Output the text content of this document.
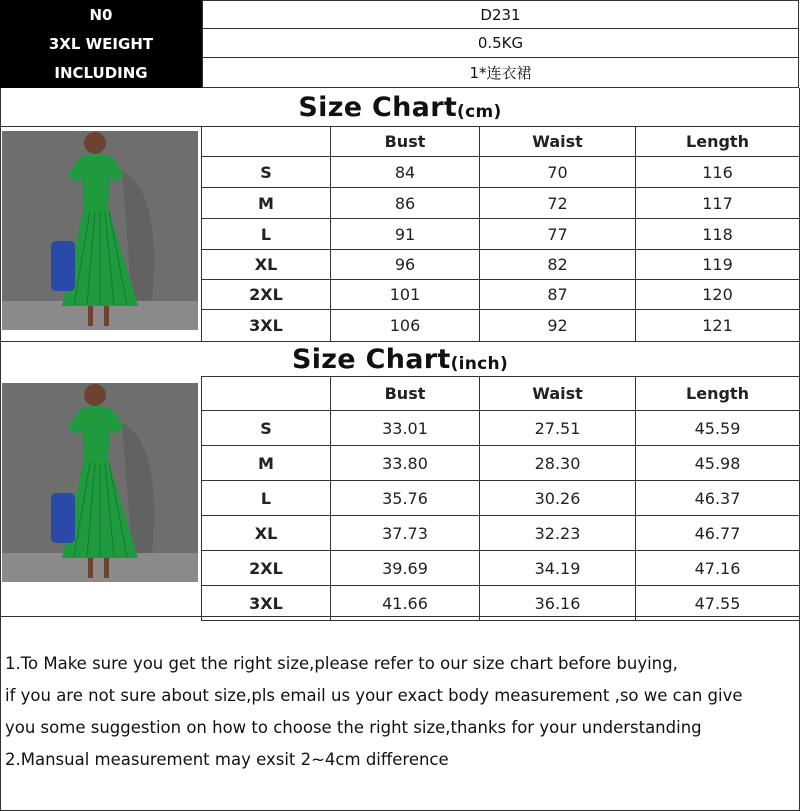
N0	D231
3XL WEIGHT	0.5KG
INCLUDING	1*连衣裙
Size Chart (cm)
	Bust	Waist	Length
S	84	70	116
M	86	72	117
L	91	77	118
XL	96	82	119
2XL	101	87	120
3XL	106	92	121
Size Chart (inch)
	Bust	Waist	Length
S	33.01	27.51	45.59
M	33.80	28.30	45.98
L	35.76	30.26	46.37
XL	37.73	32.23	46.77
2XL	39.69	34.19	47.16
3XL	41.66	36.16	47.55
1.To Make sure you get the right size,please refer to our size chart before buying,
if you are not sure about size,pls email us your exact body measurement ,so we can give
you some suggestion on how to choose the right size,thanks for your understanding
2.Mansual measurement may exsit 2~4cm difference
